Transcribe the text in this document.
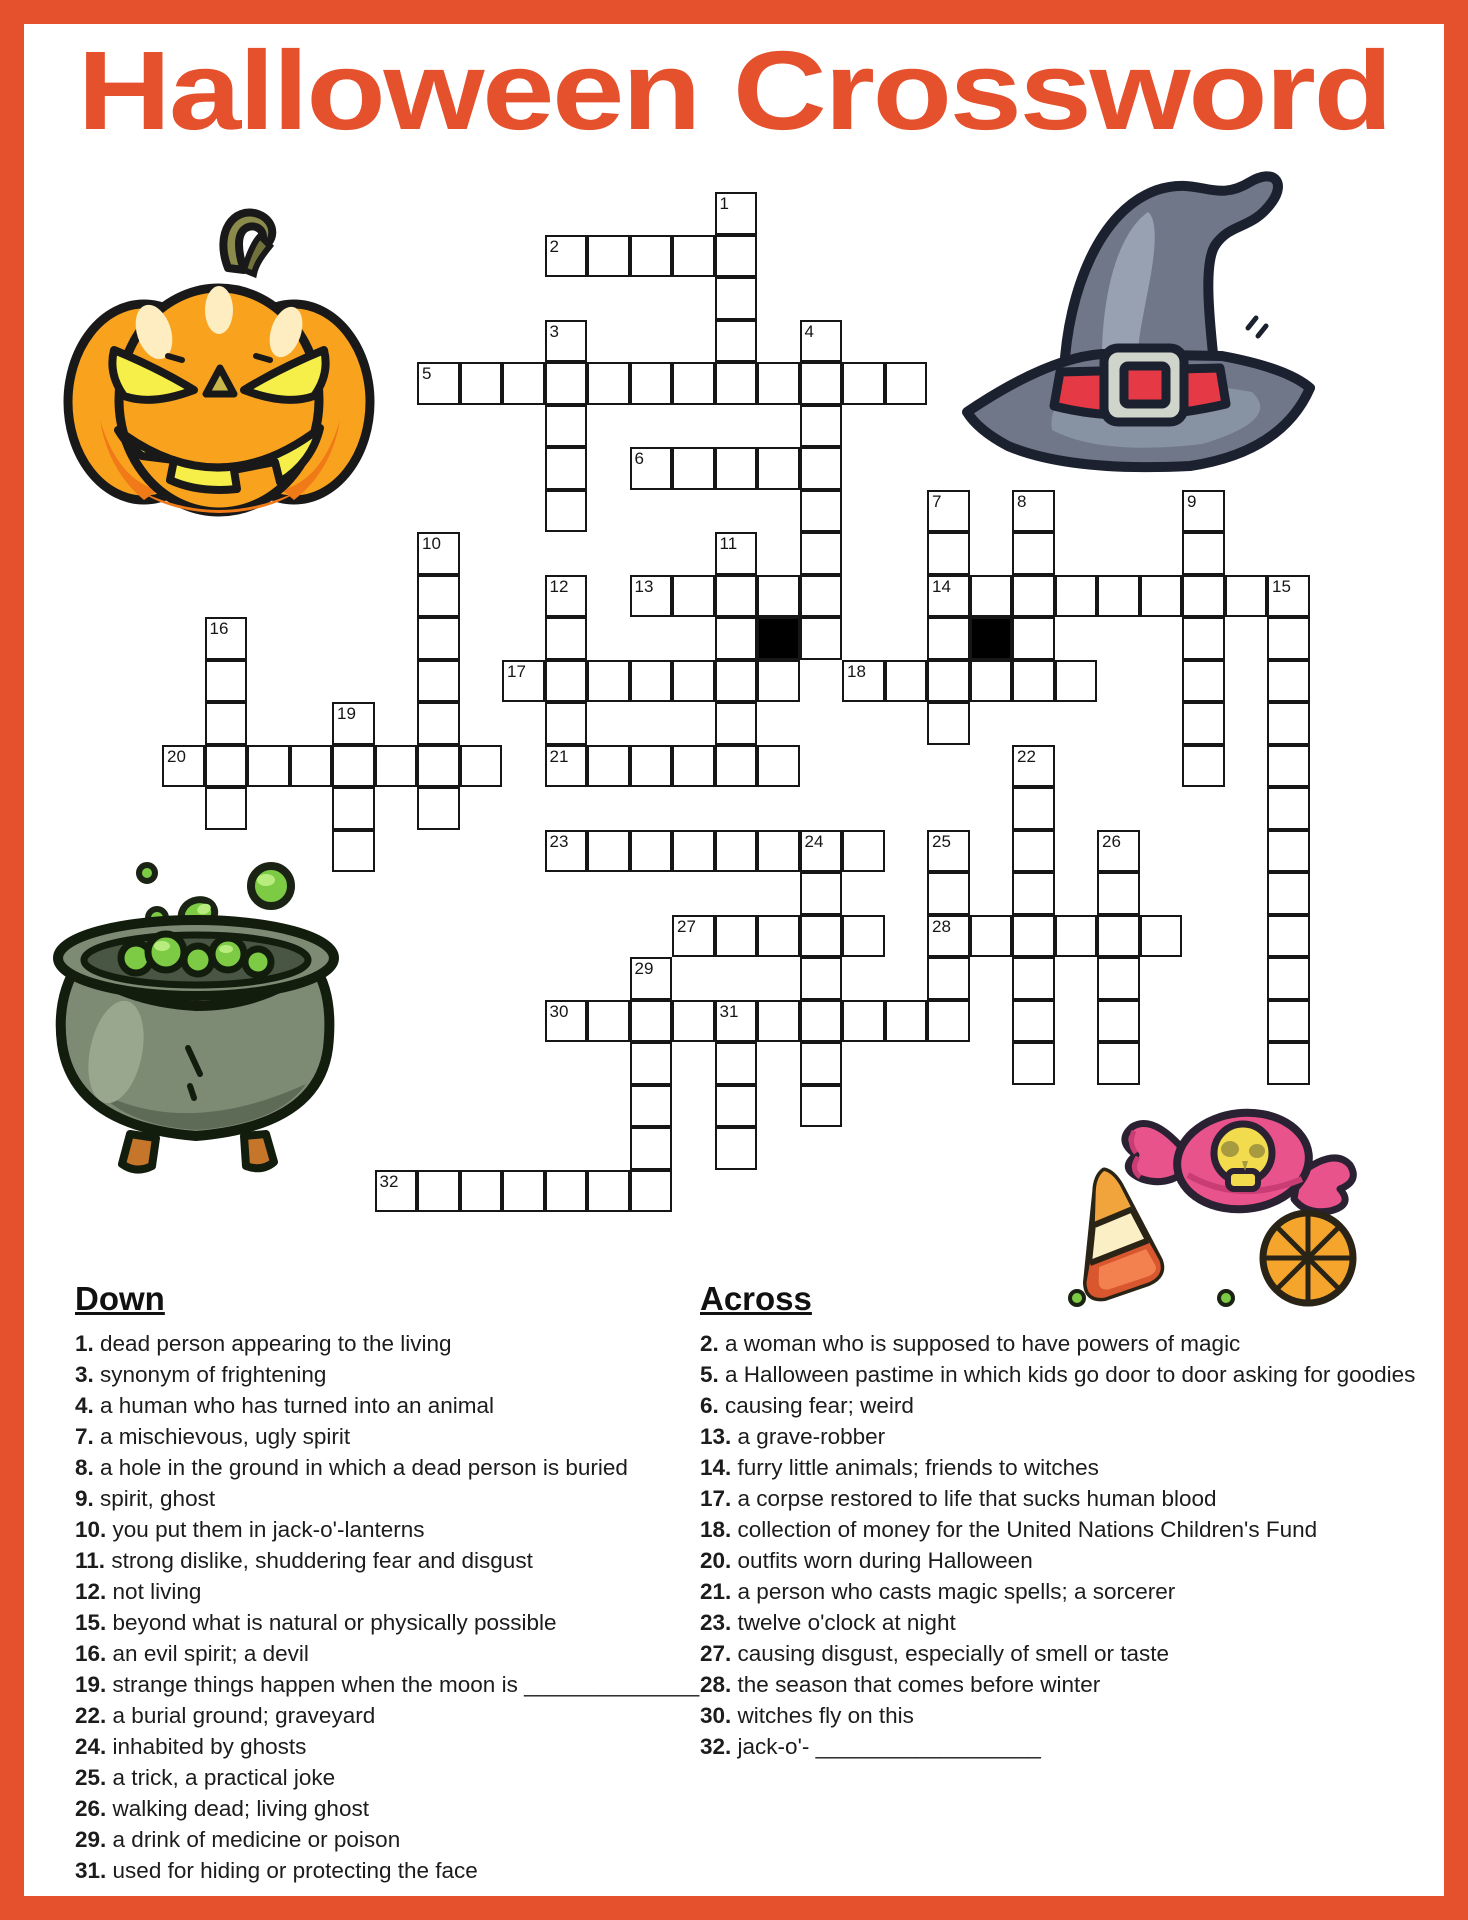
Halloween Crossword
1
2
3	4
5
6
7
14
8	9
10	11
12	13	15
16
17	18
19
20	21	22
23	24	25
28
26
27
29
30	31
32
Down
1. dead person appearing to the living
3. synonym of frightening
4. a human who has turned into an animal
7. a mischievous, ugly spirit
8. a hole in the ground in which a dead person is buried
9. spirit, ghost
10. you put them in jack-o'-lanterns
11. strong dislike, shuddering fear and disgust
12. not living
15. beyond what is natural or physically possible
16. an evil spirit; a devil
19. strange things happen when the moon is ______________
22. a burial ground; graveyard
24. inhabited by ghosts
25. a trick, a practical joke
26. walking dead; living ghost
29. a drink of medicine or poison
31. used for hiding or protecting the face
Across
2. a woman who is supposed to have powers of magic
5. a Halloween pastime in which kids go door to door asking for goodies
6. causing fear; weird
13. a grave-robber
14. furry little animals; friends to witches
17. a corpse restored to life that sucks human blood
18. collection of money for the United Nations Children's Fund
20. outfits worn during Halloween
21. a person who casts magic spells; a sorcerer
23. twelve o'clock at night
27. causing disgust, especially of smell or taste
28. the season that comes before winter
30. witches fly on this
32. jack-o'- __________________
